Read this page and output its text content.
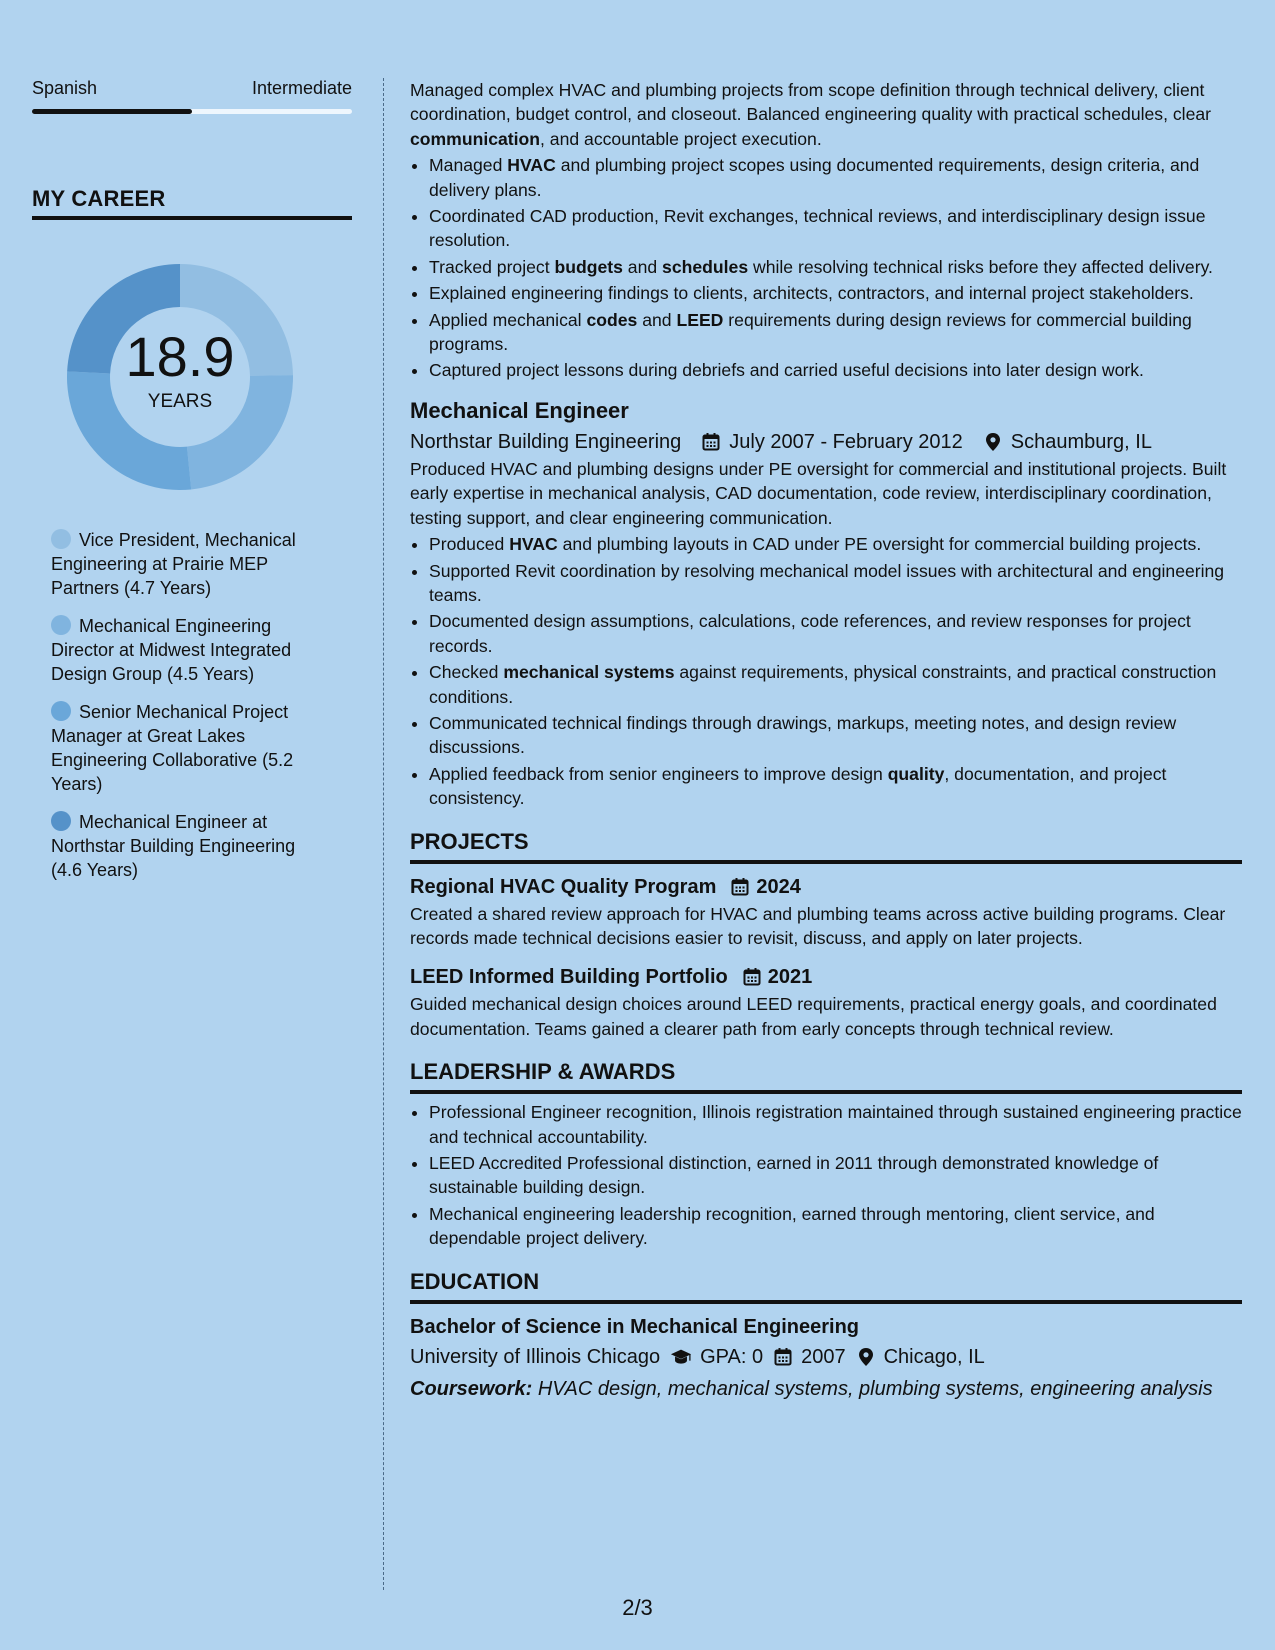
Spanish	Intermediate
MY CAREER
18.9
YEARS
Vice President, Mechanical Engineering at Prairie MEP Partners (4.7 Years)
Mechanical Engineering Director at Midwest Integrated Design Group (4.5 Years)
Senior Mechanical Project Manager at Great Lakes Engineering Collaborative (5.2 Years)
Mechanical Engineer at Northstar Building Engineering (4.6 Years)

Managed complex HVAC and plumbing projects from scope definition through technical delivery, client coordination, budget control, and closeout. Balanced engineering quality with practical schedules, clear communication, and accountable project execution.

• Managed HVAC and plumbing project scopes using documented requirements, design criteria, and delivery plans.
• Coordinated CAD production, Revit exchanges, technical reviews, and interdisciplinary design issue resolution.
• Tracked project budgets and schedules while resolving technical risks before they affected delivery.
• Explained engineering findings to clients, architects, contractors, and internal project stakeholders.
• Applied mechanical codes and LEED requirements during design reviews for commercial building programs.
• Captured project lessons during debriefs and carried useful decisions into later design work.
Mechanical Engineer
Northstar Building Engineering July 2007 - February 2012 Schaumburg, IL

Produced HVAC and plumbing designs under PE oversight for commercial and institutional projects. Built early expertise in mechanical analysis, CAD documentation, code review, interdisciplinary coordination, testing support, and clear engineering communication.

• Produced HVAC and plumbing layouts in CAD under PE oversight for commercial building projects.
• Supported Revit coordination by resolving mechanical model issues with architectural and engineering teams.
• Documented design assumptions, calculations, code references, and review responses for project records.
• Checked mechanical systems against requirements, physical constraints, and practical construction conditions.
• Communicated technical findings through drawings, markups, meeting notes, and design review discussions.
• Applied feedback from senior engineers to improve design quality, documentation, and project consistency.
PROJECTS
Regional HVAC Quality Program 2024

Created a shared review approach for HVAC and plumbing teams across active building programs. Clear records made technical decisions easier to revisit, discuss, and apply on later projects.

LEED Informed Building Portfolio 2021

Guided mechanical design choices around LEED requirements, practical energy goals, and coordinated documentation. Teams gained a clearer path from early concepts through technical review.

LEADERSHIP & AWARDS
• Professional Engineer recognition, Illinois registration maintained through sustained engineering practice and technical accountability.
• LEED Accredited Professional distinction, earned in 2011 through demonstrated knowledge of sustainable building design.
• Mechanical engineering leadership recognition, earned through mentoring, client service, and dependable project delivery.
EDUCATION
Bachelor of Science in Mechanical Engineering
University of Illinois Chicago GPA: 0 2007 Chicago, IL
Coursework: HVAC design, mechanical systems, plumbing systems, engineering analysis
2/3
